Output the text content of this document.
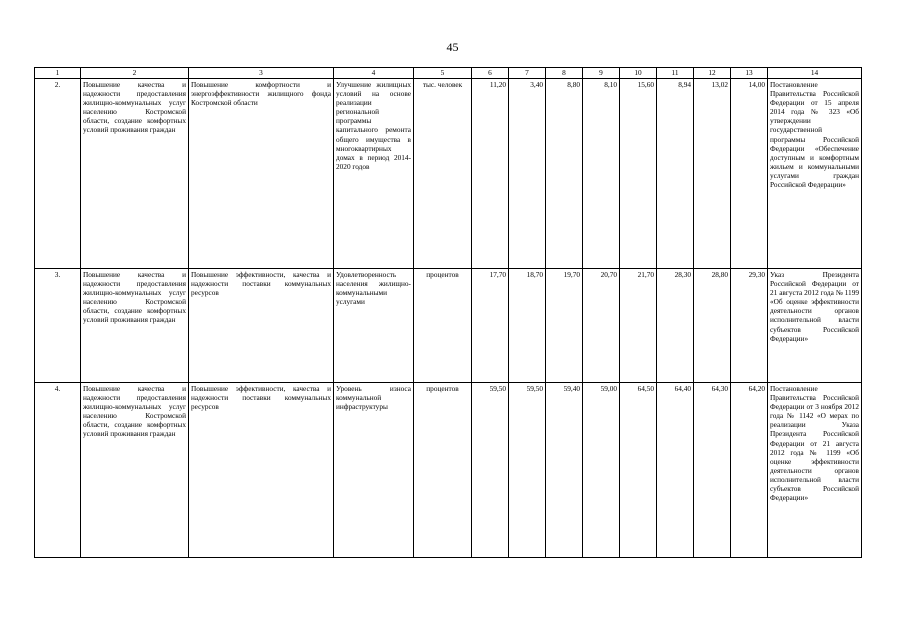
45
1	2	3	4	5	6	7	8	9	10	11	12	13	14
2.	Повышение качества и надежности предоставления жилищно-коммунальных услуг населению Костромской области, создание комфортных условий проживания граждан	Повышение комфортности и энергоэффективности жилищного фонда Костромской области	Улучшение жилищных условий на основе реализации региональной программы капитального ремонта общего имущества в многоквартирных домах в период 2014-2020 годов	тыс. человек	11,20	3,40	8,80	8,10	15,60	8,94	13,02	14,00	Постановление Правительства Российской Федерации от 15 апреля 2014 года № 323 «Об утверждении государственной программы Российской Федерации «Обеспечение доступным и комфортным жильем и коммунальными услугами граждан Российской Федерации»
3.	Повышение качества и надежности предоставления жилищно-коммунальных услуг населению Костромской области, создание комфортных условий проживания граждан	Повышение эффективности, качества и надежности поставки коммунальных ресурсов	Удовлетворенность населения жилищно-коммунальными услугами	процентов	17,70	18,70	19,70	20,70	21,70	28,30	28,80	29,30	Указ Президента Российской Федерации от 21 августа 2012 года № 1199 «Об оценке эффективности деятельности органов исполнительной власти субъектов Российской Федерации»
4.	Повышение качества и надежности предоставления жилищно-коммунальных услуг населению Костромской области, создание комфортных условий проживания граждан	Повышение эффективности, качества и надежности поставки коммунальных ресурсов	Уровень износа коммунальной инфраструктуры	процентов	59,50	59,50	59,40	59,00	64,50	64,40	64,30	64,20	Постановление Правительства Российской Федерации от 3 ноября 2012 года № 1142 «О мерах по реализации Указа Президента Российской Федерации от 21 августа 2012 года № 1199 «Об оценке эффективности деятельности органов исполнительной власти субъектов Российской Федерации»
